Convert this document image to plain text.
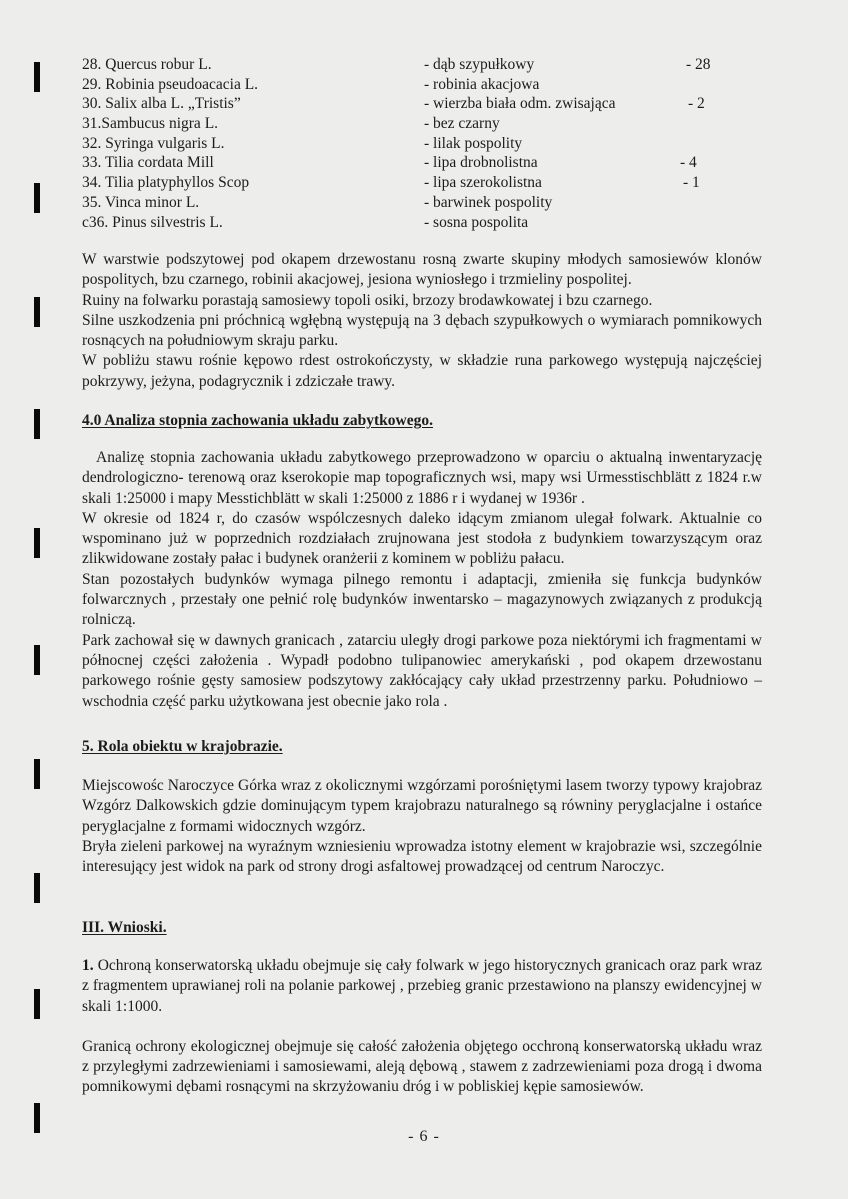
28. Quercus robur L.	- dąb szypułkowy	- 28
29. Robinia pseudoacacia L.	- robinia akacjowa
30. Salix alba L. „Tristis”	- wierzba biała odm. zwisająca	- 2
31.Sambucus nigra L.	- bez czarny
32. Syringa vulgaris L.	- lilak pospolity
33. Tilia cordata Mill	- lipa drobnolistna	- 4
34. Tilia platyphyllos Scop	- lipa szerokolistna	- 1
35. Vinca minor L.	- barwinek pospolity
c36. Pinus silvestris L.	- sosna pospolita

W warstwie podszytowej pod okapem drzewostanu rosną zwarte skupiny młodych samosiewów klonów pospolitych, bzu czarnego, robinii akacjowej, jesiona wyniosłego i trzmieliny pospolitej.

Ruiny na folwarku porastają samosiewy topoli osiki, brzozy brodawkowatej i bzu czarnego.

Silne uszkodzenia pni próchnicą wgłębną występują na 3 dębach szypułkowych o wymiarach pomnikowych rosnących na południowym skraju parku.

W pobliżu stawu rośnie kępowo rdest ostrokończysty, w składzie runa parkowego występują najczęściej pokrzywy, jeżyna, podagrycznik i zdziczałe trawy.

4.0 Analiza stopnia zachowania układu zabytkowego.

Analizę stopnia zachowania układu zabytkowego przeprowadzono w oparciu o aktualną inwentaryzację dendrologiczno- terenową oraz kserokopie map topograficznych wsi, mapy wsi Urmesstischblätt z 1824 r.w skali 1:25000 i mapy Messtichblätt w skali 1:25000 z 1886 r i wydanej w 1936r .

W okresie od 1824 r, do czasów wspólczesnych daleko idącym zmianom ulegał folwark. Aktualnie co wspominano już w poprzednich rozdziałach zrujnowana jest stodoła z budynkiem towarzyszącym oraz zlikwidowane zostały pałac i budynek oranżerii z kominem w pobliżu pałacu.

Stan pozostałych budynków wymaga pilnego remontu i adaptacji, zmieniła się funkcja budynków folwarcznych , przestały one pełnić rolę budynków inwentarsko – magazynowych związanych z produkcją rolniczą.

Park zachował się w dawnych granicach , zatarciu uległy drogi parkowe poza niektórymi ich fragmentami w północnej części założenia . Wypadł podobno tulipanowiec amerykański , pod okapem drzewostanu parkowego rośnie gęsty samosiew podszytowy zakłócający cały układ przestrzenny parku. Południowo – wschodnia część parku użytkowana jest obecnie jako rola .

5. Rola obiektu w krajobrazie.

Miejscowośc Naroczyce Górka wraz z okolicznymi wzgórzami porośniętymi lasem tworzy typowy krajobraz Wzgórz Dalkowskich gdzie dominującym typem krajobrazu naturalnego są równiny peryglacjalne i ostańce peryglacjalne z formami widocznych wzgórz.

Bryła zieleni parkowej na wyraźnym wzniesieniu wprowadza istotny element w krajobrazie wsi, szczególnie interesujący jest widok na park od strony drogi asfaltowej prowadzącej od centrum Naroczyc.

III. Wnioski.

1. Ochroną konserwatorską układu obejmuje się cały folwark w jego historycznych granicach oraz park wraz z fragmentem uprawianej roli na polanie parkowej , przebieg granic przestawiono na planszy ewidencyjnej w skali 1:1000.

Granicą ochrony ekologicznej obejmuje się całość założenia objętego occhroną konserwatorską układu wraz z przyległymi zadrzewieniami i samosiewami, aleją dębową , stawem z zadrzewieniami poza drogą i dwoma pomnikowymi dębami rosnącymi na skrzyżowaniu dróg i w pobliskiej kępie samosiewów.

- 6 -
